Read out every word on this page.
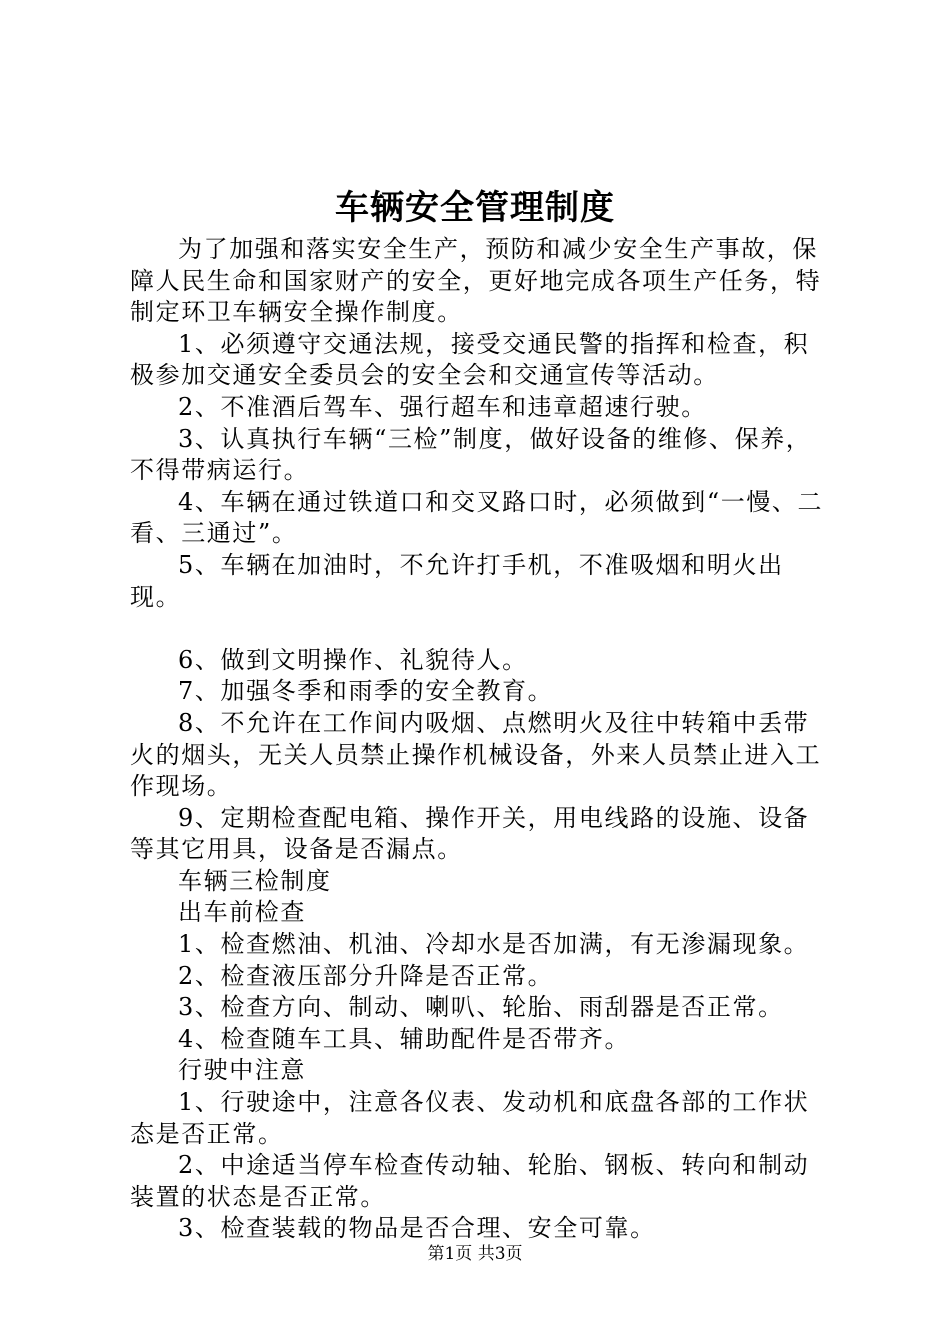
车辆安全管理制度

为了加强和落实安全生产，预防和减少安全生产事故，保障人民生命和国家财产的安全，更好地完成各项生产任务，特制定环卫车辆安全操作制度。

1、必须遵守交通法规，接受交通民警的指挥和检查，积极参加交通安全委员会的安全会和交通宣传等活动。

2、不准酒后驾车、强行超车和违章超速行驶。

3、认真执行车辆“三检”制度，做好设备的维修、保养，不得带病运行。

4、车辆在通过铁道口和交叉路口时，必须做到“一慢、二看、三通过”。

5、车辆在加油时，不允许打手机，不准吸烟和明火出现。

6、做到文明操作、礼貌待人。

7、加强冬季和雨季的安全教育。

8、不允许在工作间内吸烟、点燃明火及往中转箱中丢带火的烟头，无关人员禁止操作机械设备，外来人员禁止进入工作现场。

9、定期检查配电箱、操作开关，用电线路的设施、设备等其它用具，设备是否漏点。

车辆三检制度

出车前检查

1、检查燃油、机油、冷却水是否加满，有无渗漏现象。

2、检查液压部分升降是否正常。

3、检查方向、制动、喇叭、轮胎、雨刮器是否正常。

4、检查随车工具、辅助配件是否带齐。

行驶中注意

1、行驶途中，注意各仪表、发动机和底盘各部的工作状态是否正常。

2、中途适当停车检查传动轴、轮胎、钢板、转向和制动装置的状态是否正常。

3、检查装载的物品是否合理、安全可靠。

第1页 共3页
